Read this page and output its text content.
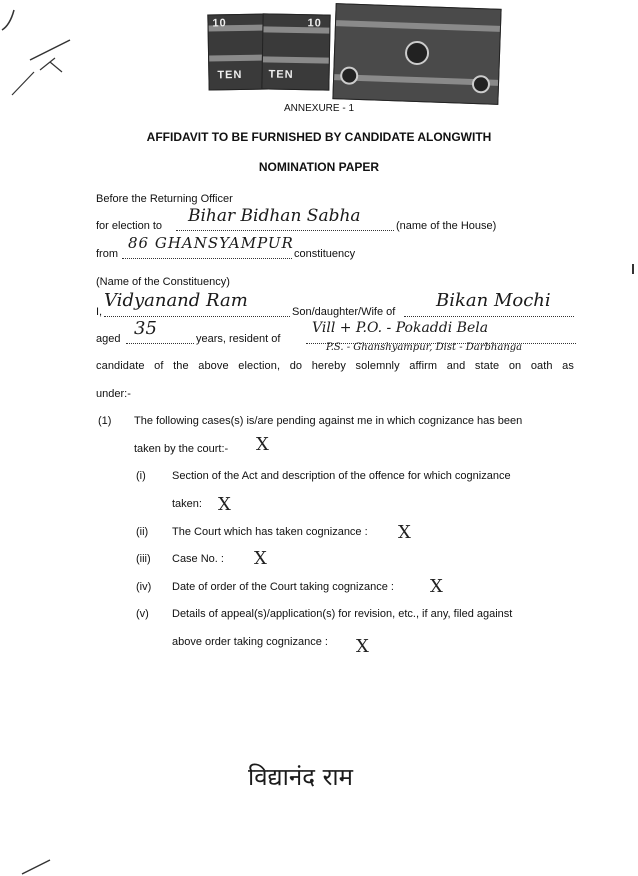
10
TEN
10
TEN
ANNEXURE - 1
AFFIDAVIT TO BE FURNISHED BY CANDIDATE ALONGWITH
NOMINATION PAPER
Before the Returning Officer
for election to Bihar Bidhan Sabha	(name of the House)
from
86 GHANSYAMPUR
constituency
(Name of the Constituency)
I,
Vidyanand Ram
Son/daughter/Wife of
Bikan Mochi
aged 35	years, resident of
Vill + P.O. - Pokaddi Bela
P.S. - Ghanshyampur, Dist - Darbhanga
candidate of the above election, do hereby solemnly affirm and state on oath as
under:-
(1) The following cases(s) is/are pending against me in which cognizance has been
taken by the court:- X
(i) Section of the Act and description of the offence for which cognizance
taken: X
(ii) The Court which has taken cognizance : X
(iii) Case No. : X
(iv) Date of order of the Court taking cognizance : X
(v) Details of appeal(s)/application(s) for revision, etc., if any, filed against
above order taking cognizance : X
विद्यानंद राम
